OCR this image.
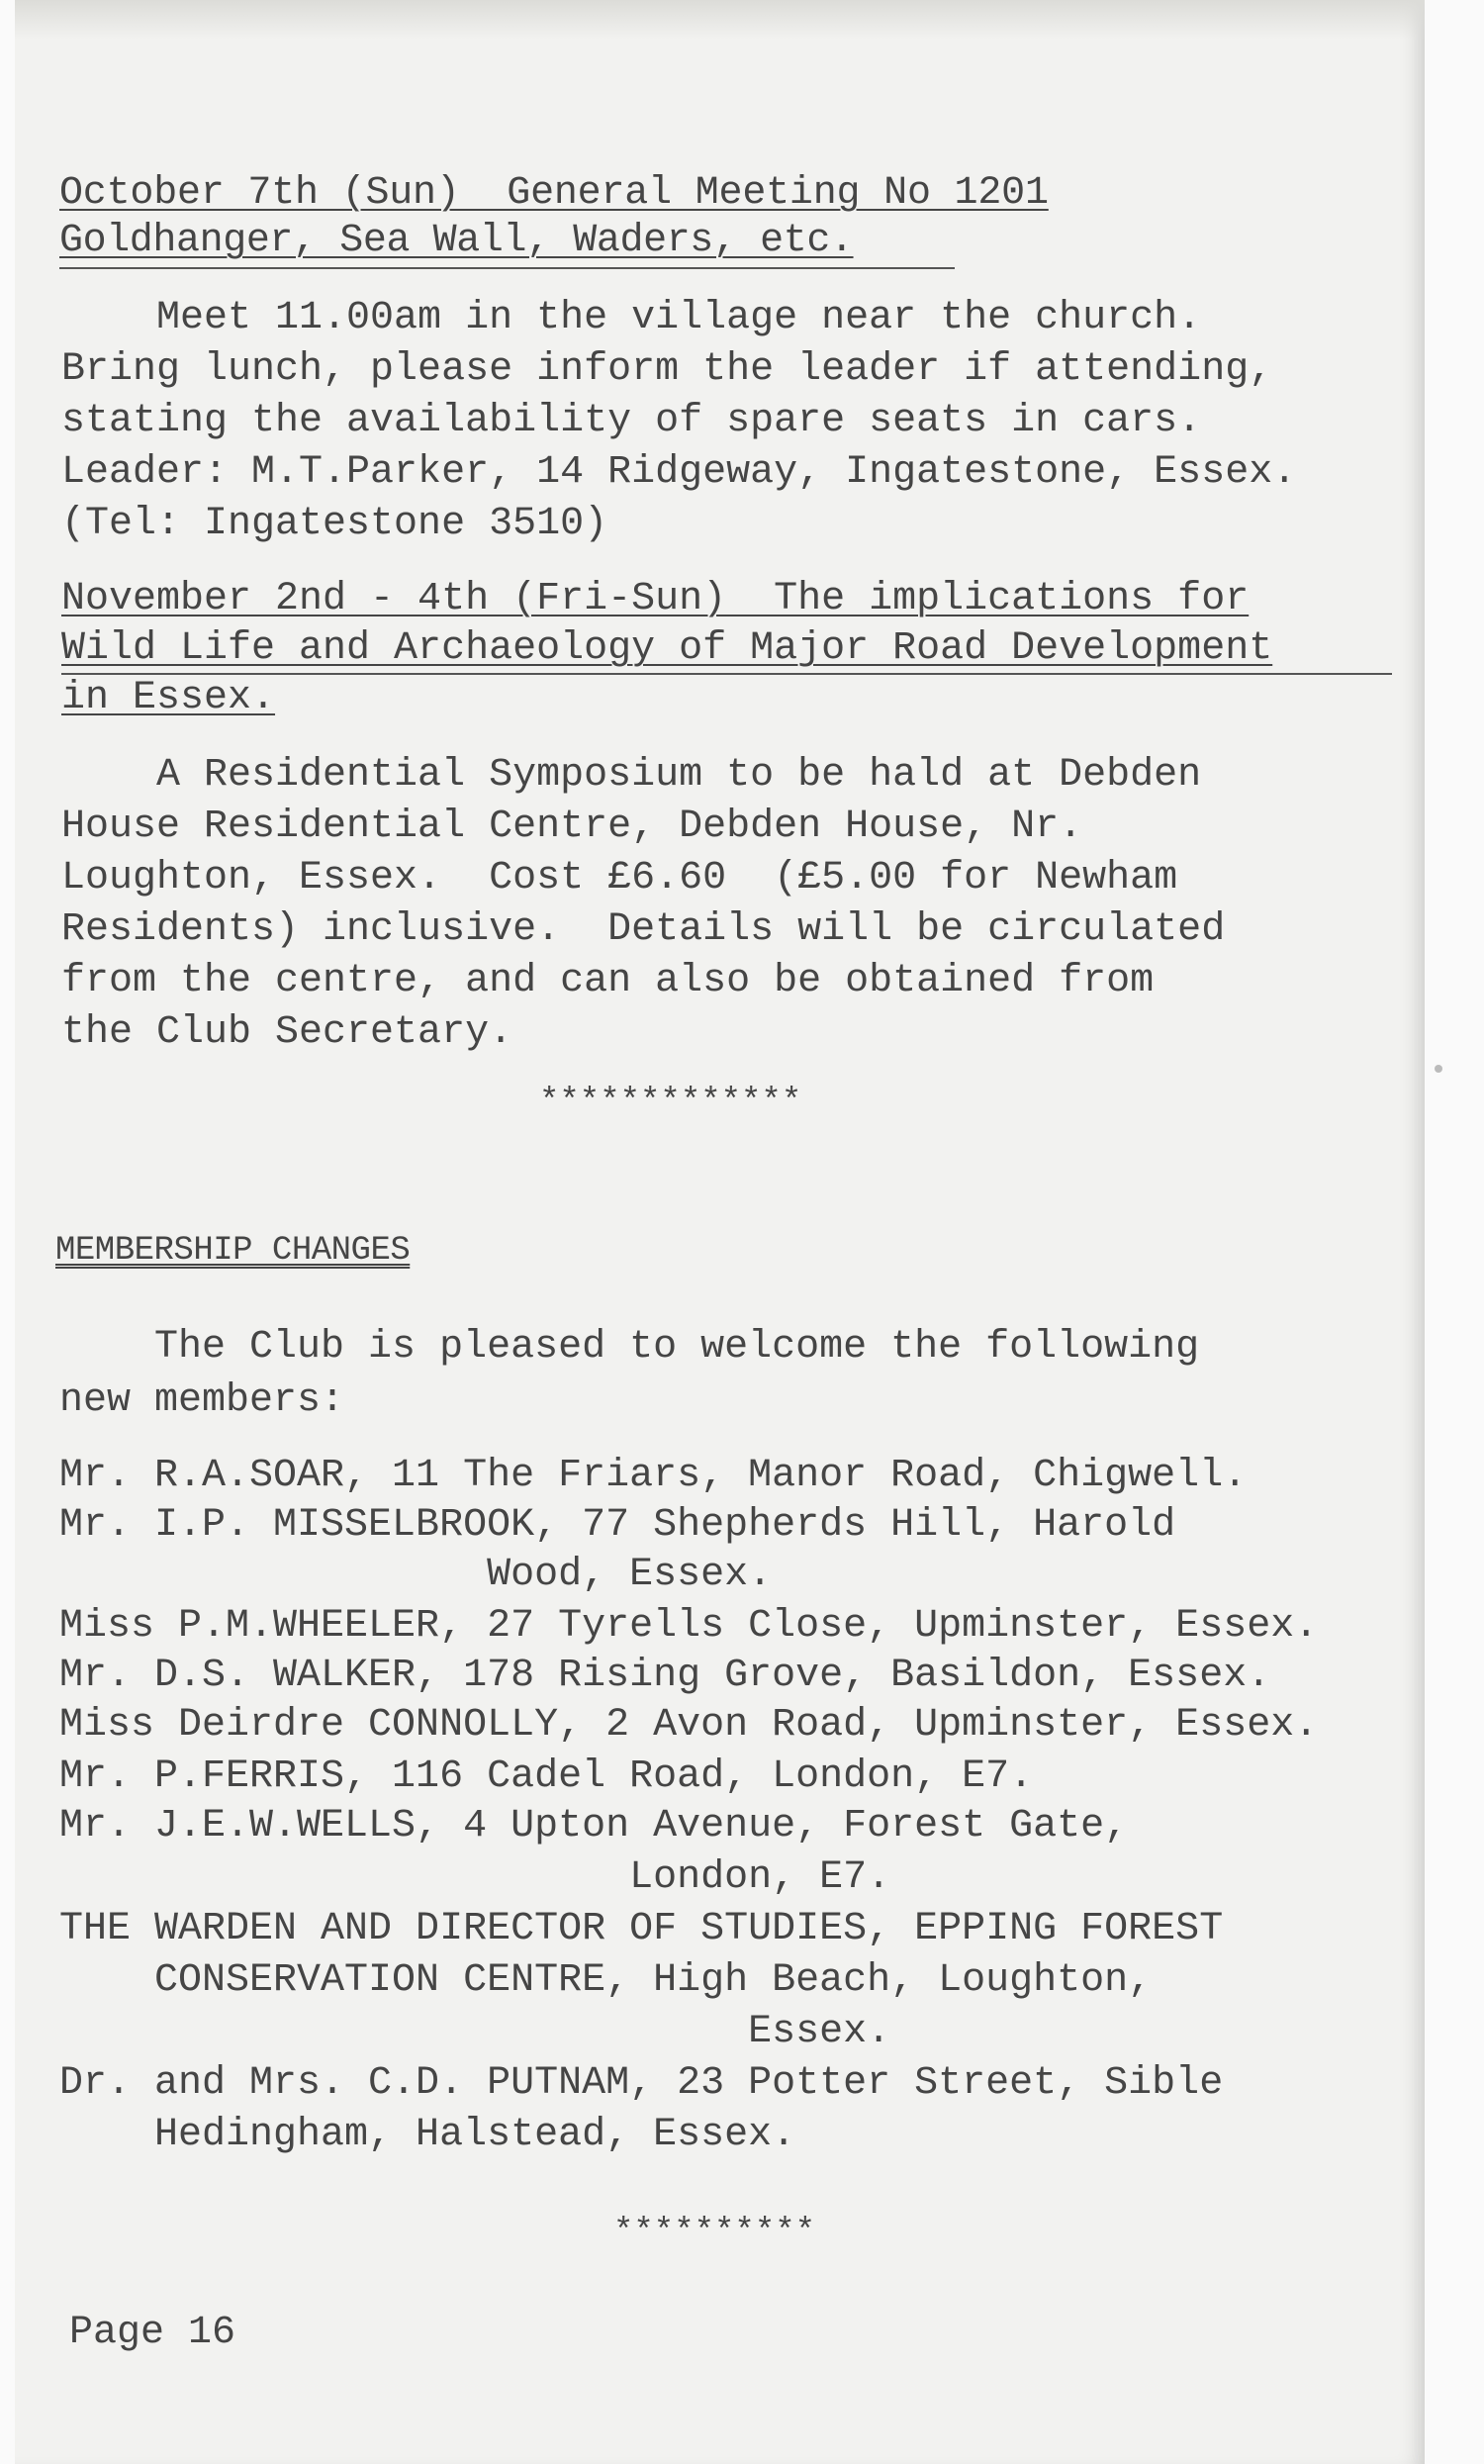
October 7th (Sun)  General Meeting No 1201
Goldhanger, Sea Wall, Waders, etc.
Meet 11.00am in the village near the church.
Bring lunch, please inform the leader if attending,
stating the availability of spare seats in cars.
Leader: M.T.Parker, 14 Ridgeway, Ingatestone, Essex.
(Tel: Ingatestone 3510)
November 2nd - 4th (Fri-Sun)  The implications for
Wild Life and Archaeology of Major Road Development
in Essex.
A Residential Symposium to be hald at Debden
House Residential Centre, Debden House, Nr.
Loughton, Essex.  Cost £6.60  (£5.00 for Newham
Residents) inclusive.  Details will be circulated
from the centre, and can also be obtained from
the Club Secretary.
*************
MEMBERSHIP CHANGES
The Club is pleased to welcome the following
new members:
Mr. R.A.SOAR, 11 The Friars, Manor Road, Chigwell.
Mr. I.P. MISSELBROOK, 77 Shepherds Hill, Harold
Wood, Essex.
Miss P.M.WHEELER, 27 Tyrells Close, Upminster, Essex.
Mr. D.S. WALKER, 178 Rising Grove, Basildon, Essex.
Miss Deirdre CONNOLLY, 2 Avon Road, Upminster, Essex.
Mr. P.FERRIS, 116 Cadel Road, London, E7.
Mr. J.E.W.WELLS, 4 Upton Avenue, Forest Gate,
London, E7.
THE WARDEN AND DIRECTOR OF STUDIES, EPPING FOREST
CONSERVATION CENTRE, High Beach, Loughton,
Essex.
Dr. and Mrs. C.D. PUTNAM, 23 Potter Street, Sible
Hedingham, Halstead, Essex.
**********
Page 16
